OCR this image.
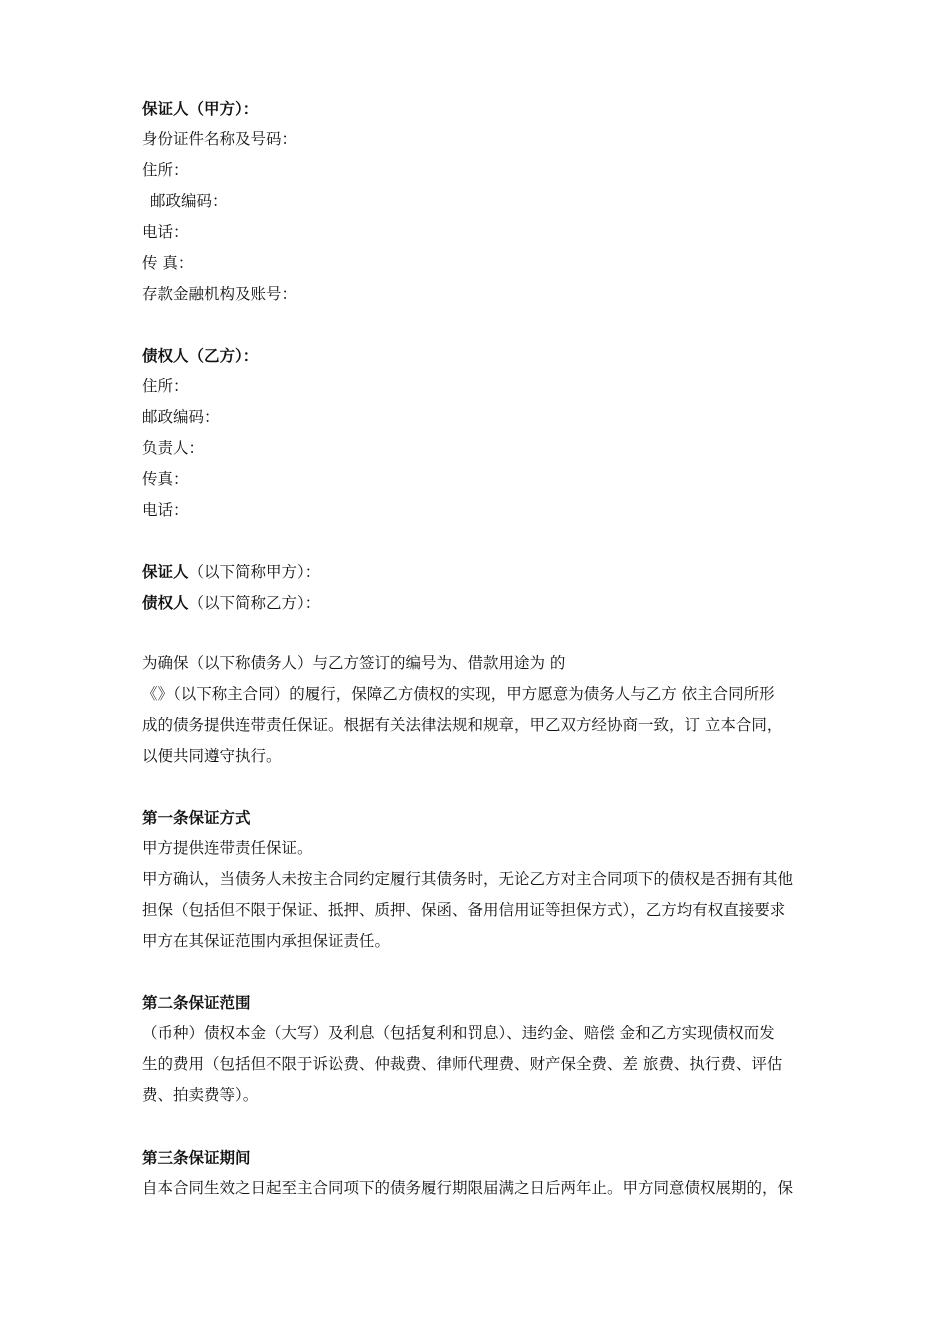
保证人（甲方）：
身份证件名称及号码：
住所：
邮政编码：
电话：
传 真：
存款金融机构及账号：
债权人（乙方）：
住所：
邮政编码：
负责人：
传真：
电话：
保证人（以下简称甲方）：
债权人（以下简称乙方）：
为确保（以下称债务人）与乙方签订的编号为、借款用途为 的
《》（以下称主合同）的履行，保障乙方债权的实现，甲方愿意为债务人与乙方 依主合同所形
成的债务提供连带责任保证。根据有关法律法规和规章，甲乙双方经协商一致，订 立本合同，
以便共同遵守执行。
第一条保证方式
甲方提供连带责任保证。
甲方确认，当债务人未按主合同约定履行其债务时，无论乙方对主合同项下的债权是否拥有其他
担保（包括但不限于保证、抵押、质押、保函、备用信用证等担保方式），乙方均有权直接要求
甲方在其保证范围内承担保证责任。
第二条保证范围
（币种）债权本金（大写）及利息（包括复利和罚息）、违约金、赔偿 金和乙方实现债权而发
生的费用（包括但不限于诉讼费、仲裁费、律师代理费、财产保全费、差 旅费、执行费、评估
费、拍卖费等）。
第三条保证期间
自本合同生效之日起至主合同项下的债务履行期限届满之日后两年止。甲方同意债权展期的，保
